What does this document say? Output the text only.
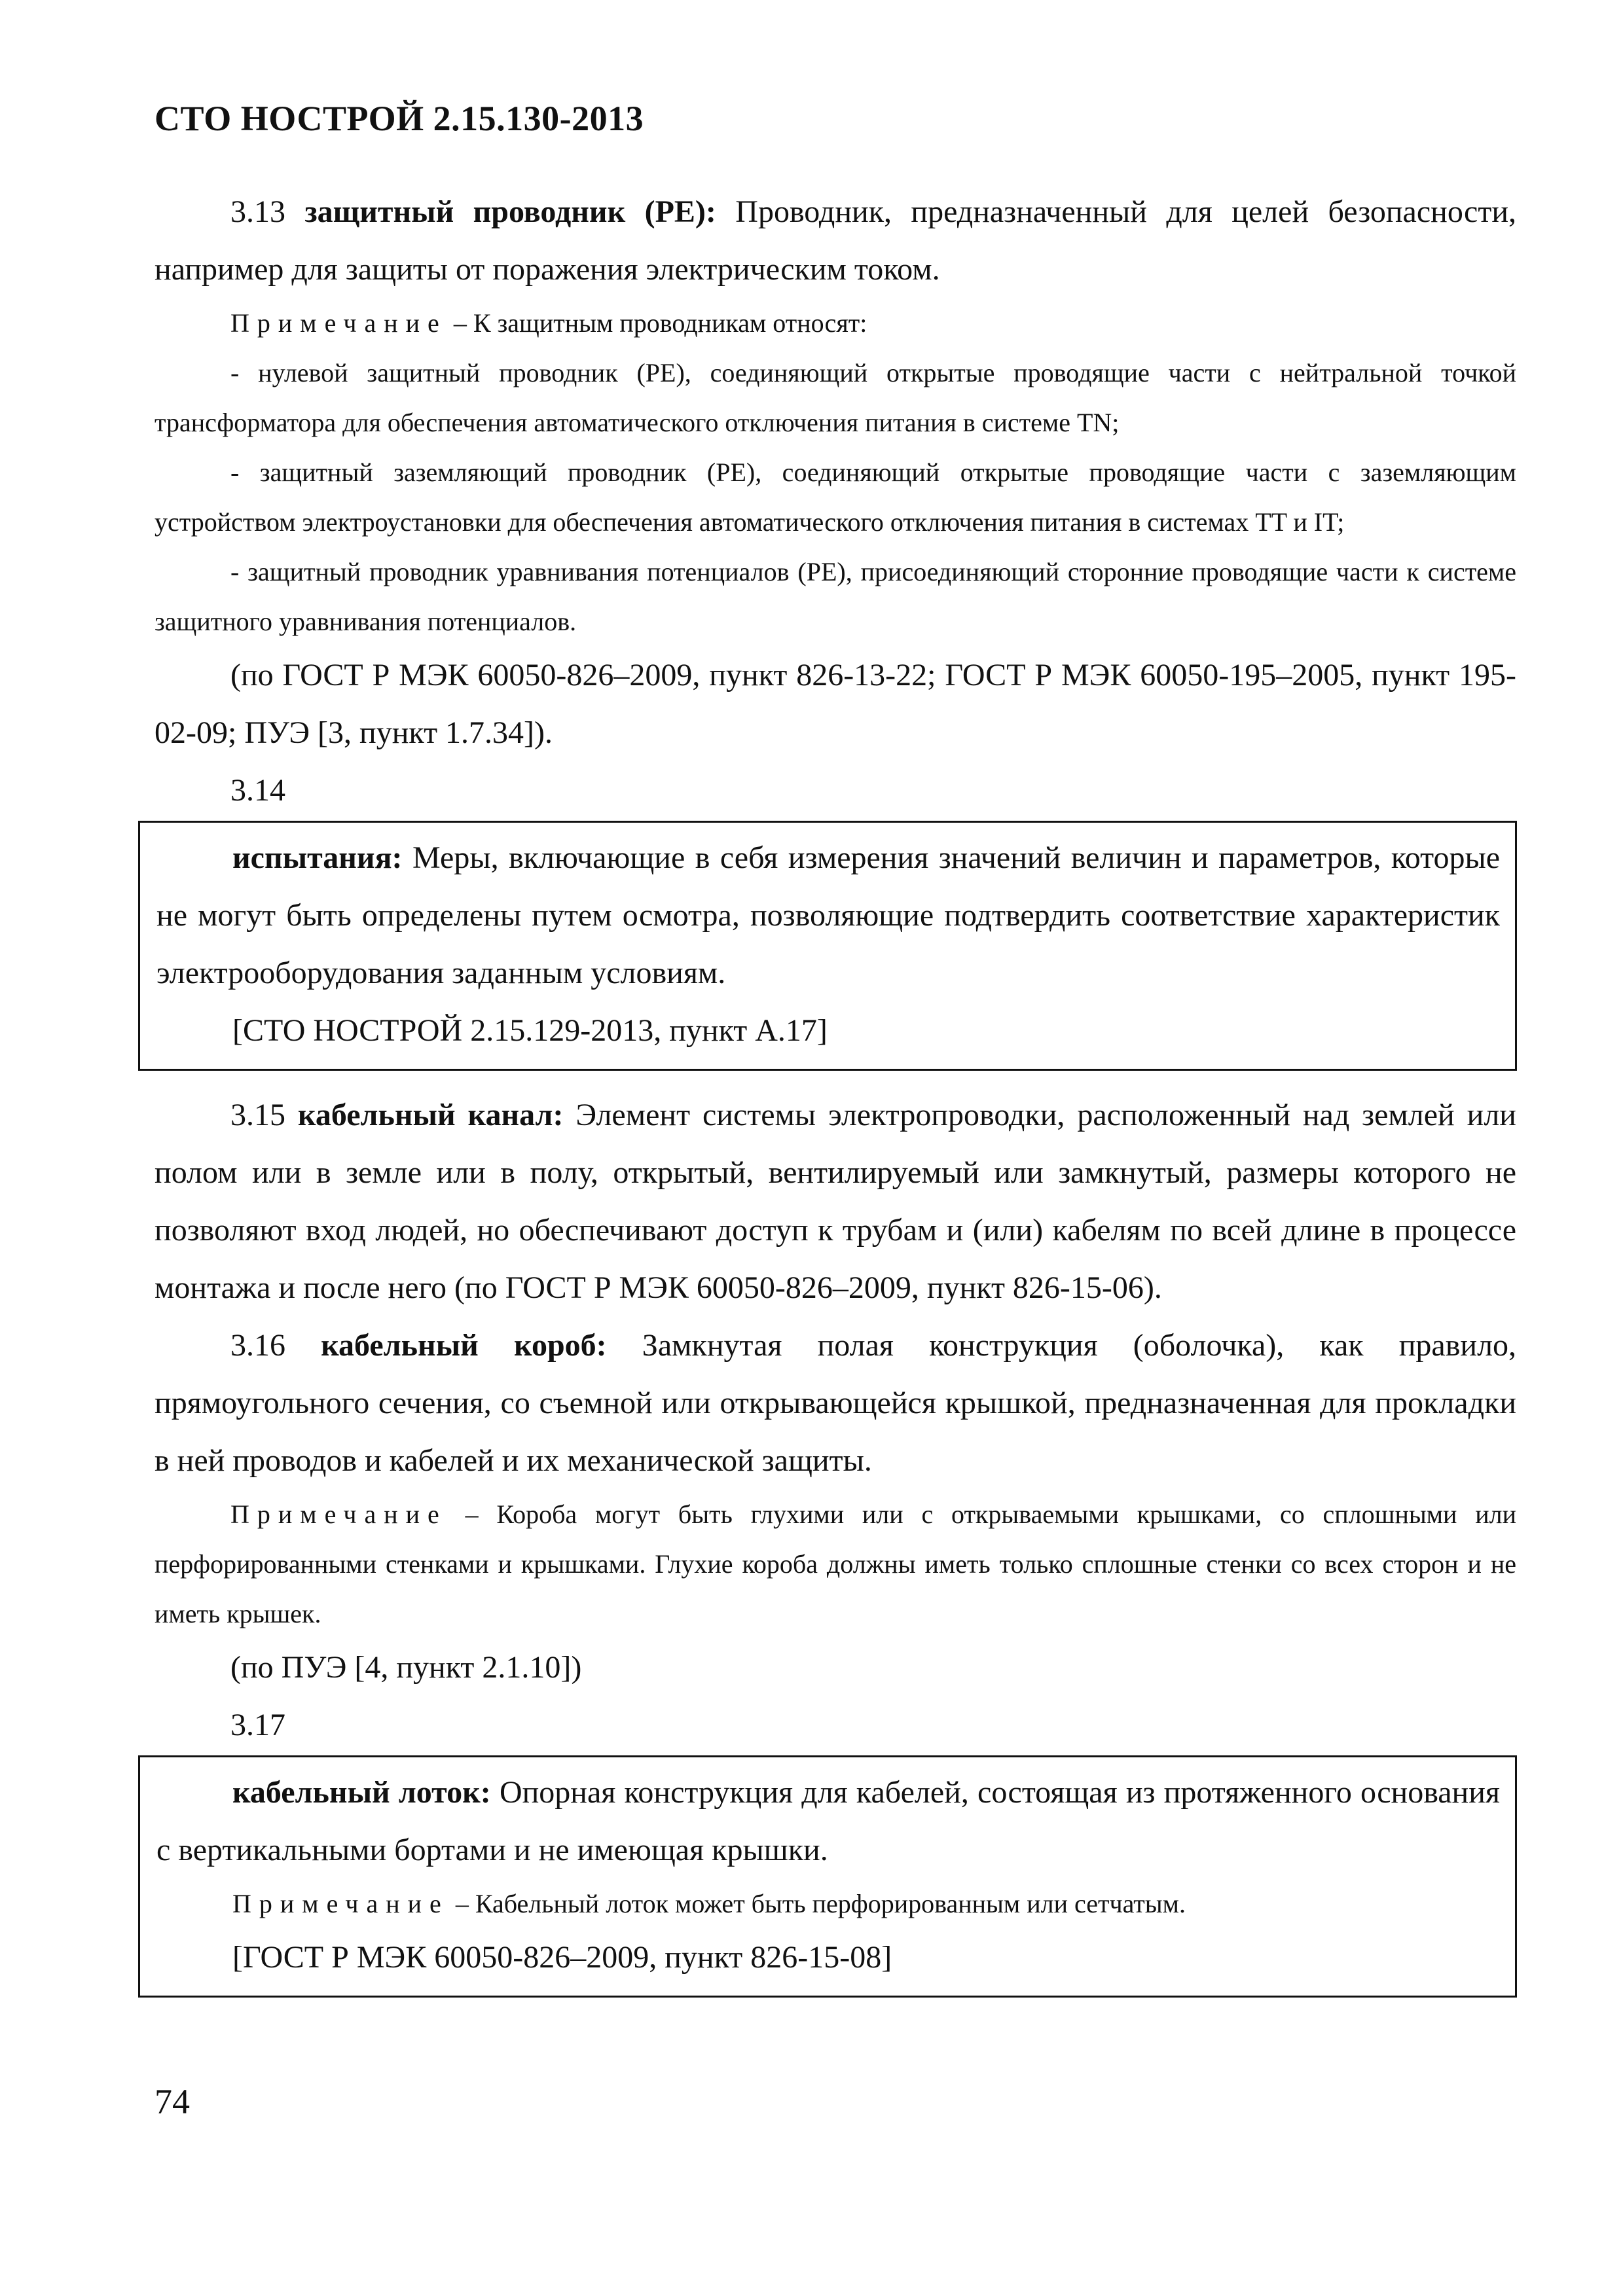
СТО НОСТРОЙ 2.15.130-2013

3.13 защитный проводник (PE): Проводник, предназначенный для целей безопасности, например для защиты от поражения электрическим током.

Примечание – К защитным проводникам относят:

- нулевой защитный проводник (PE), соединяющий открытые проводящие части с нейтральной точкой трансформатора для обеспечения автоматического отключения питания в системе TN;

- защитный заземляющий проводник (PE), соединяющий открытые проводящие части с заземляющим устройством электроустановки для обеспечения автоматического отключения питания в системах TT и IT;

- защитный проводник уравнивания потенциалов (PE), присоединяющий сторонние проводящие части к системе защитного уравнивания потенциалов.

(по ГОСТ Р МЭК 60050-826–2009, пункт 826-13-22; ГОСТ Р МЭК 60050-195–2005, пункт 195-02-09; ПУЭ [3, пункт 1.7.34]).

3.14

испытания: Меры, включающие в себя измерения значений величин и параметров, которые не могут быть определены путем осмотра, позволяющие подтвердить соответствие характеристик электрооборудования заданным условиям.

[СТО НОСТРОЙ 2.15.129-2013, пункт А.17]

3.15 кабельный канал: Элемент системы электропроводки, расположенный над землей или полом или в земле или в полу, открытый, вентилируемый или замкнутый, размеры которого не позволяют вход людей, но обеспечивают доступ к трубам и (или) кабелям по всей длине в процессе монтажа и после него (по ГОСТ Р МЭК 60050-826–2009, пункт 826-15-06).

3.16 кабельный короб: Замкнутая полая конструкция (оболочка), как правило, прямоугольного сечения, со съемной или открывающейся крышкой, предназначенная для прокладки в ней проводов и кабелей и их механической защиты.

Примечание – Короба могут быть глухими или с открываемыми крышками, со сплошными или перфорированными стенками и крышками. Глухие короба должны иметь только сплошные стенки со всех сторон и не иметь крышек.

(по ПУЭ [4, пункт 2.1.10])

3.17

кабельный лоток: Опорная конструкция для кабелей, состоящая из протяженного основания с вертикальными бортами и не имеющая крышки.

Примечание – Кабельный лоток может быть перфорированным или сетчатым.

[ГОСТ Р МЭК 60050-826–2009, пункт 826-15-08]

74
